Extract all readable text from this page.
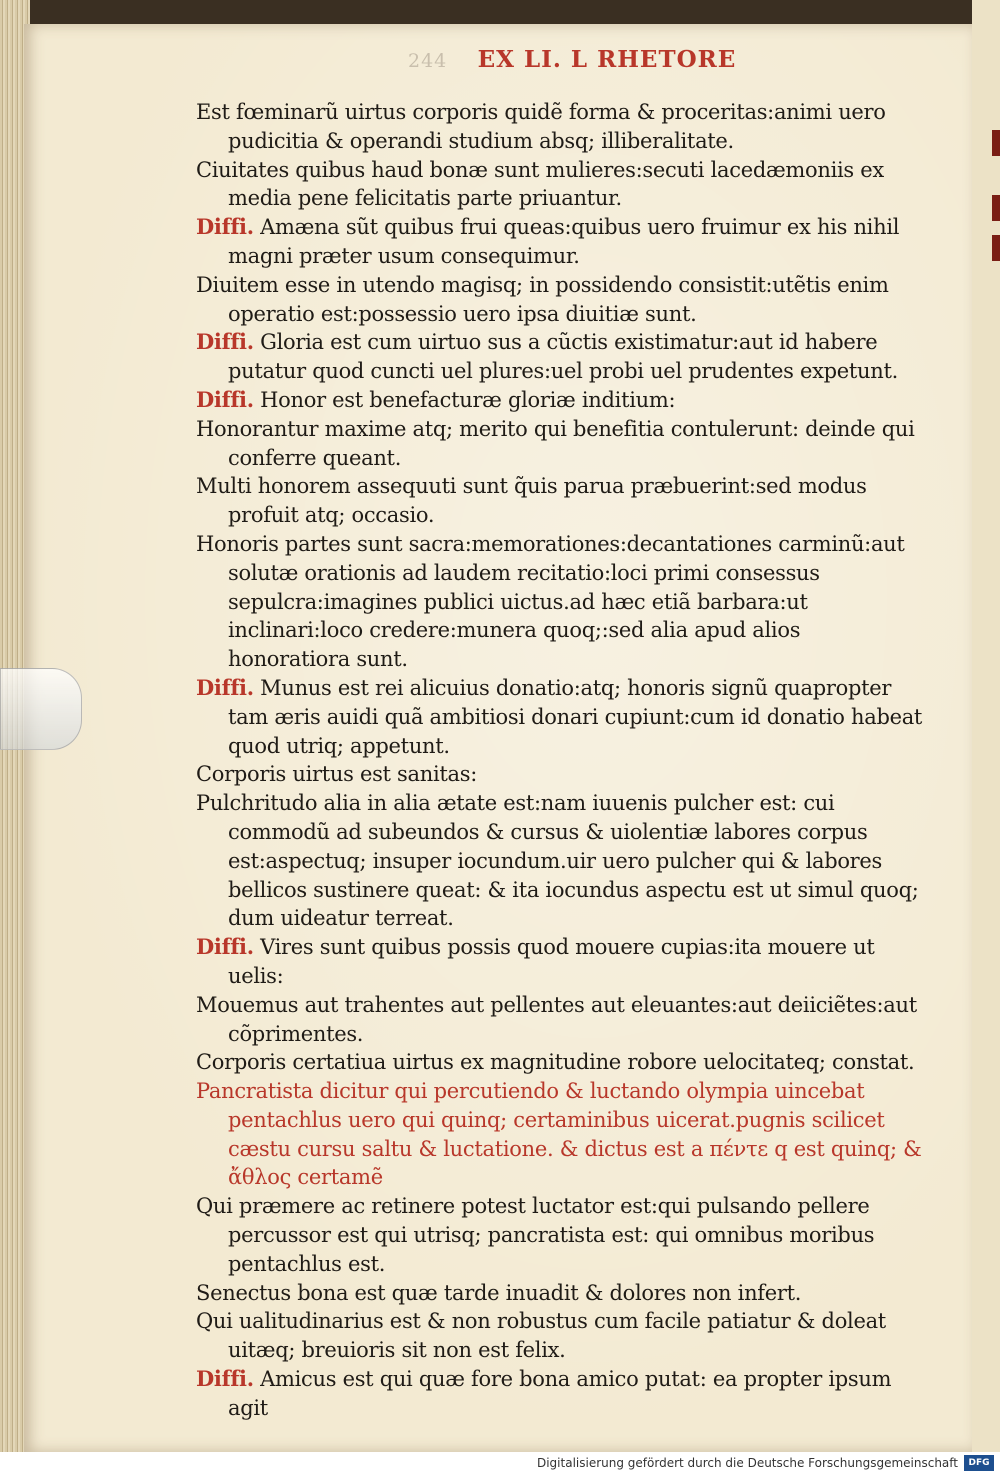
244 EX LI. L RHETORE

Est fœminarũ uirtus corporis quidẽ forma & proceritas:animi uero pudicitia & operandi studium absq; illiberalitate.

Ciuitates quibus haud bonæ sunt mulieres:secuti lacedæmoniis ex media pene felicitatis parte priuantur.

Diffi. Amæna sũt quibus frui queas:quibus uero fruimur ex his nihil magni præter usum consequimur.

Diuitem esse in utendo magisq; in possidendo consistit:utẽtis enim operatio est:possessio uero ipsa diuitiæ sunt.

Diffi. Gloria est cum uirtuo sus a cũctis existimatur:aut id habere putatur quod cuncti uel plures:uel probi uel prudentes expetunt.

Diffi. Honor est benefacturæ gloriæ inditium:

Honorantur maxime atq; merito qui benefitia contulerunt: deinde qui conferre queant.

Multi honorem assequuti sunt q̃uis parua præbuerint:sed modus profuit atq; occasio.

Honoris partes sunt sacra:memorationes:decantationes carminũ:aut solutæ orationis ad laudem recitatio:loci primi consessus sepulcra:imagines publici uictus.ad hæc etiã barbara:ut inclinari:loco credere:munera quoq;:sed alia apud alios honoratiora sunt.

Diffi. Munus est rei alicuius donatio:atq; honoris signũ quapropter tam æris auidi quã ambitiosi donari cupiunt:cum id donatio habeat quod utriq; appetunt.

Corporis uirtus est sanitas:

Pulchritudo alia in alia ætate est:nam iuuenis pulcher est: cui commodũ ad subeundos & cursus & uiolentiæ labores corpus est:aspectuq; insuper iocundum.uir uero pulcher qui & labores bellicos sustinere queat: & ita iocundus aspectu est ut simul quoq; dum uideatur terreat.

Diffi. Vires sunt quibus possis quod mouere cupias:ita mouere ut uelis:

Mouemus aut trahentes aut pellentes aut eleuantes:aut deiiciẽtes:aut cõprimentes.

Corporis certatiua uirtus ex magnitudine robore uelocitateq; constat.

Pancratista dicitur qui percutiendo & luctando olympia uincebat pentachlus uero qui quinq; certaminibus uicerat.pugnis scilicet cæstu cursu saltu & luctatione. & dictus est a πέντε q est quinq; & ἄθλος certamẽ

Qui præmere ac retinere potest luctator est:qui pulsando pellere percussor est qui utrisq; pancratista est: qui omnibus moribus pentachlus est.

Senectus bona est quæ tarde inuadit & dolores non infert.

Qui ualitudinarius est & non robustus cum facile patiatur & doleat uitæq; breuioris sit non est felix.

Diffi. Amicus est qui quæ fore bona amico putat: ea propter ipsum agit

Digitalisierung gefördert durch die Deutsche Forschungsgemeinschaft	DFG
